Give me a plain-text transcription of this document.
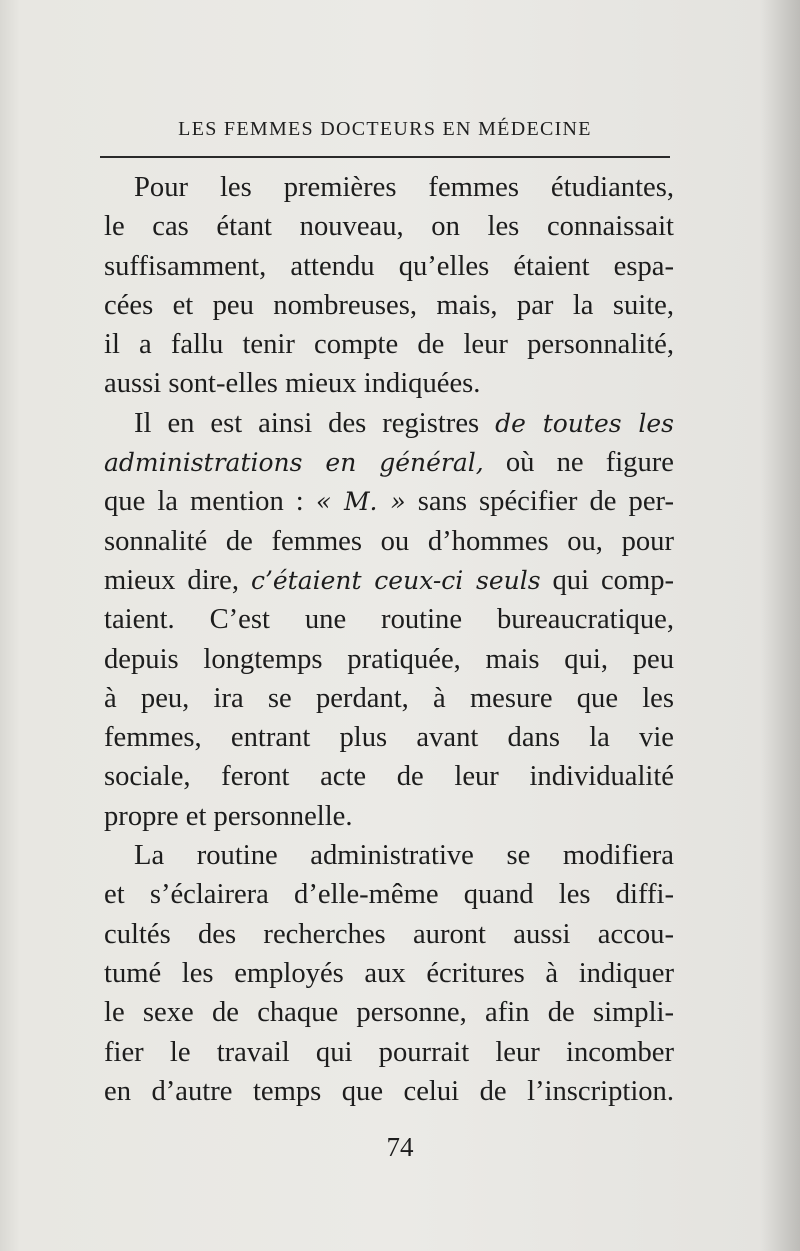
LES FEMMES DOCTEURS EN MÉDECINE
Pour les premières femmes étudiantes,
le cas étant nouveau, on les connaissait
suffisamment, attendu qu’elles étaient espa-
cées et peu nombreuses, mais, par la suite,
il a fallu tenir compte de leur personnalité,
aussi sont-elles mieux indiquées.
Il en est ainsi des registres de toutes les
administrations en général, où ne figure
que la mention : « M. » sans spécifier de per-
sonnalité de femmes ou d’hommes ou, pour
mieux dire, c’étaient ceux-ci seuls qui comp-
taient. C’est une routine bureaucratique,
depuis longtemps pratiquée, mais qui, peu
à peu, ira se perdant, à mesure que les
femmes, entrant plus avant dans la vie
sociale, feront acte de leur individualité
propre et personnelle.
La routine administrative se modifiera
et s’éclairera d’elle-même quand les diffi-
cultés des recherches auront aussi accou-
tumé les employés aux écritures à indiquer
le sexe de chaque personne, afin de simpli-
fier le travail qui pourrait leur incomber
en d’autre temps que celui de l’inscription.
74
